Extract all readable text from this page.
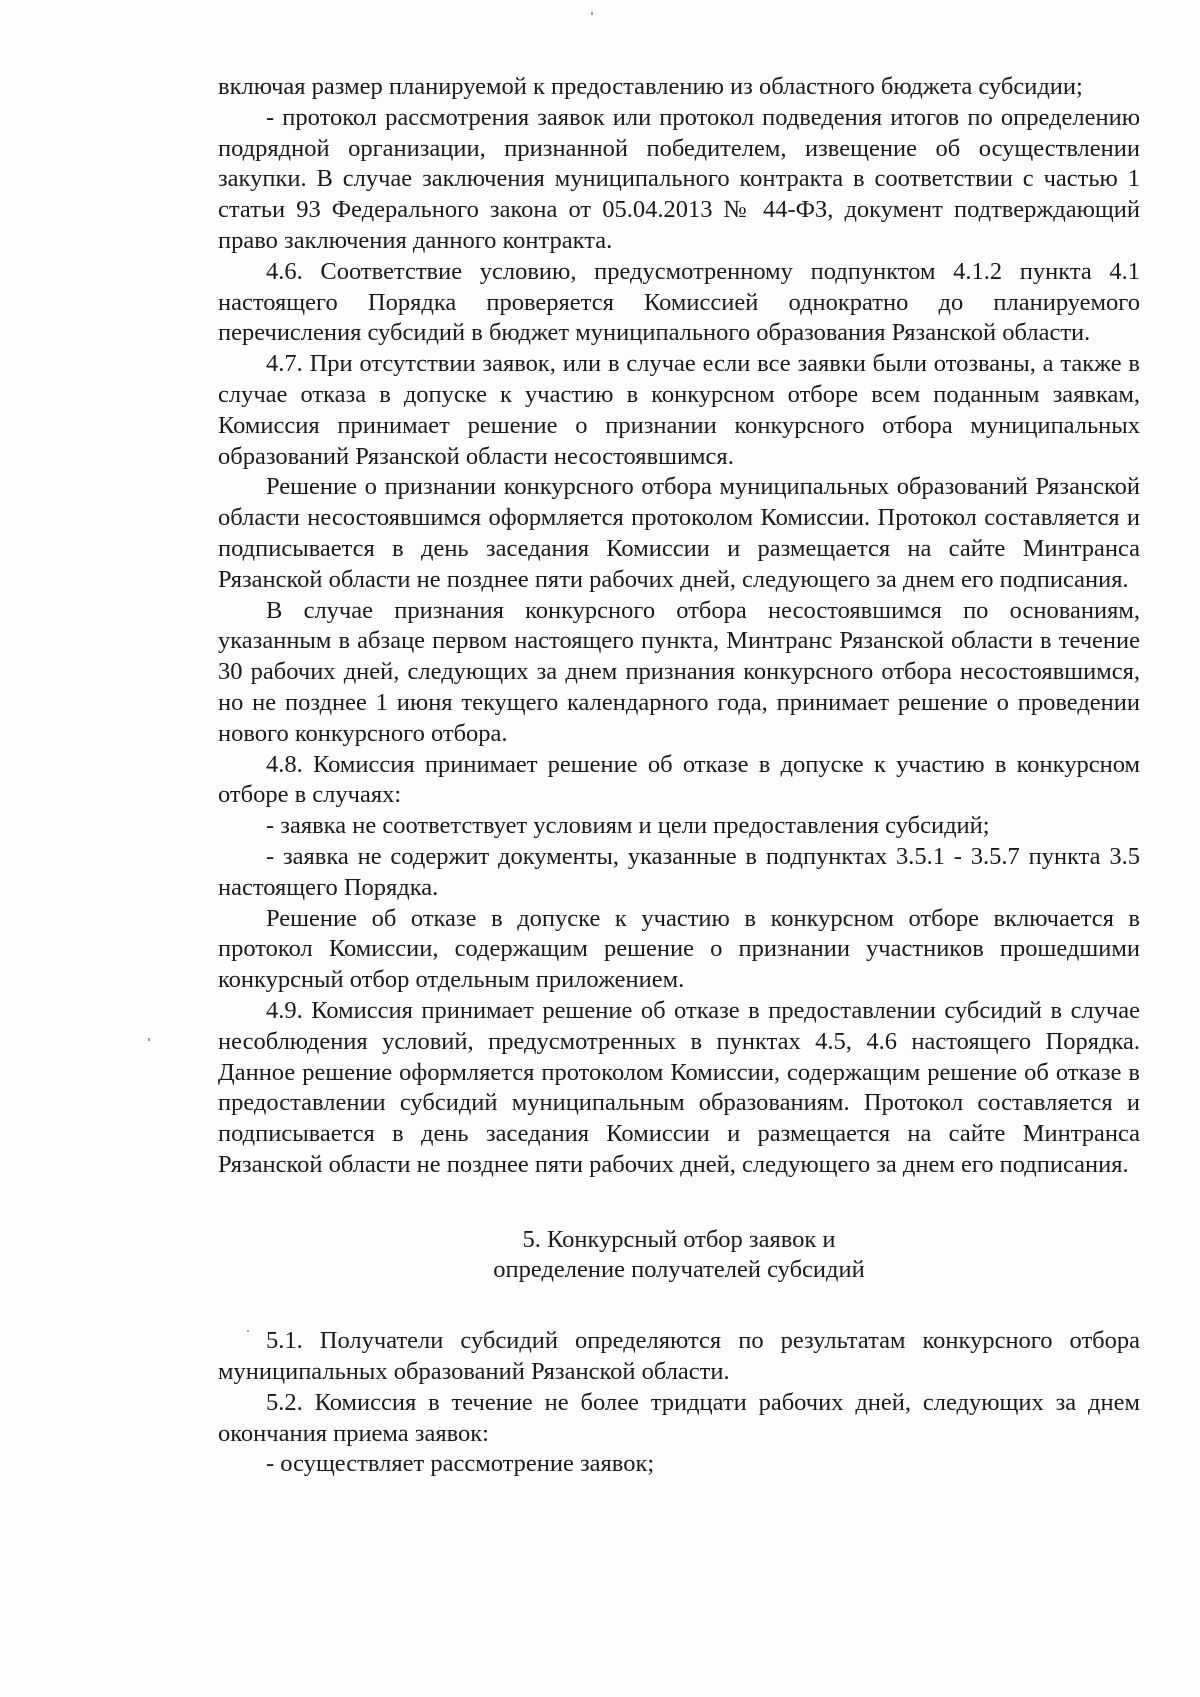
включая размер планируемой к предоставлению из областного бюджета субсидии;

- протокол рассмотрения заявок или протокол подведения итогов по определению подрядной организации, признанной победителем, извещение об осуществлении закупки. В случае заключения муниципального контракта в соответствии с частью 1 статьи 93 Федерального закона от 05.04.2013 № 44-ФЗ, документ подтверждающий право заключения данного контракта.

4.6. Соответствие условию, предусмотренному подпунктом 4.1.2 пункта 4.1 настоящего Порядка проверяется Комиссией однократно до планируемого перечисления субсидий в бюджет муниципального образования Рязанской области.

4.7. При отсутствии заявок, или в случае если все заявки были отозваны, а также в случае отказа в допуске к участию в конкурсном отборе всем поданным заявкам, Комиссия принимает решение о признании конкурсного отбора муниципальных образований Рязанской области несостоявшимся.

Решение о признании конкурсного отбора муниципальных образований Рязанской области несостоявшимся оформляется протоколом Комиссии. Протокол составляется и подписывается в день заседания Комиссии и размещается на сайте Минтранса Рязанской области не позднее пяти рабочих дней, следующего за днем его подписания.

В случае признания конкурсного отбора несостоявшимся по основаниям, указанным в абзаце первом настоящего пункта, Минтранс Рязанской области в течение 30 рабочих дней, следующих за днем признания конкурсного отбора несостоявшимся, но не позднее 1 июня текущего календарного года, принимает решение о проведении нового конкурсного отбора.

4.8. Комиссия принимает решение об отказе в допуске к участию в конкурсном отборе в случаях:

- заявка не соответствует условиям и цели предоставления субсидий;

- заявка не содержит документы, указанные в подпунктах 3.5.1 - 3.5.7 пункта 3.5 настоящего Порядка.

Решение об отказе в допуске к участию в конкурсном отборе включается в протокол Комиссии, содержащим решение о признании участников прошедшими конкурсный отбор отдельным приложением.

4.9. Комиссия принимает решение об отказе в предоставлении субсидий в случае несоблюдения условий, предусмотренных в пунктах 4.5, 4.6 настоящего Порядка. Данное решение оформляется протоколом Комиссии, содержащим решение об отказе в предоставлении субсидий муниципальным образованиям. Протокол составляется и подписывается в день заседания Комиссии и размещается на сайте Минтранса Рязанской области не позднее пяти рабочих дней, следующего за днем его подписания.

5. Конкурсный отбор заявок и
определение получателей субсидий

5.1. Получатели субсидий определяются по результатам конкурсного отбора муниципальных образований Рязанской области.

5.2. Комиссия в течение не более тридцати рабочих дней, следующих за днем окончания приема заявок:

- осуществляет рассмотрение заявок;
